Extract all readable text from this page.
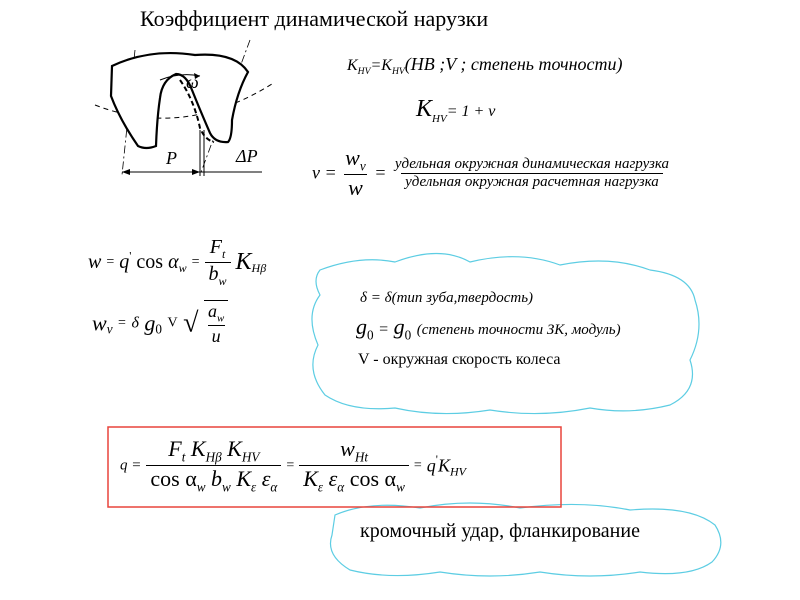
Коэффициент динамической нарузки
ω
P	ΔP
$K_{HV}=K_{HV}(HB$ ;V ; степень точности)
$K_{HV}= 1 + \nu$
$\nu = \frac{w_\nu}{w} = \frac{\text{удельная окружная динамическая нагрузка}}{\text{удельная окружная расчетная нагрузка}}$
w = q' $\cos \alpha_w = \frac{F_t}{b_w} K_{H\beta}$
$w_\nu = \delta$ $g_0$ V √ $\frac{a_w}{u}$
δ = δ(тип зуба,твердость)
$g_0 = g_0$ (степень точности ЗК, модуль)
V - окружная скорость колеса
$q = \frac{F_t K_{H\beta} K_{HV}}{\cos \alpha_w b_w K_\varepsilon \varepsilon_\alpha} = \frac{w_{Ht}}{K_\varepsilon \varepsilon_\alpha \cos \alpha_w} = q'K_{HV}$
кромочный удар, фланкирование
